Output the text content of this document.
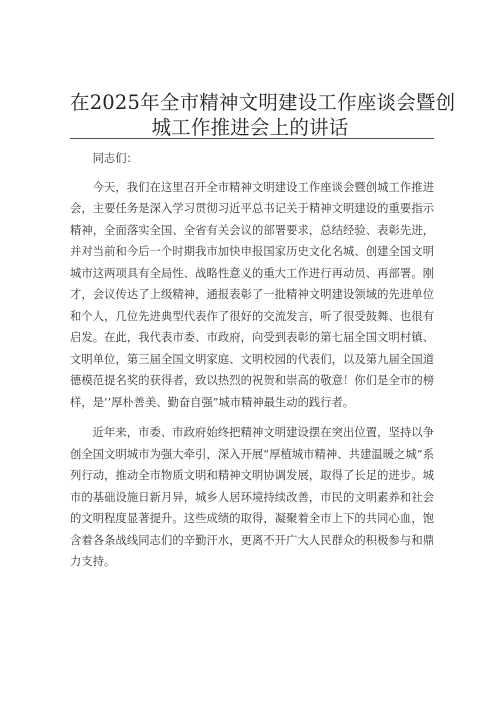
在2025年全市精神文明建设工作座谈会暨创
城工作推进会上的讲话

同志们：

今天，我们在这里召开全市精神文明建设工作座谈会暨创城工作推进会，主要任务是深入学习贯彻习近平总书记关于精神文明建设的重要指示精神，全面落实全国、全省有关会议的部署要求，总结经验、表彰先进，并对当前和今后一个时期我市加快申报国家历史文化名城、创建全国文明城市这两项具有全局性、战略性意义的重大工作进行再动员、再部署。刚才，会议传达了上级精神，通报表彰了一批精神文明建设领域的先进单位和个人，几位先进典型代表作了很好的交流发言，听了很受鼓舞、也很有启发。在此，我代表市委、市政府，向受到表彰的第七届全国文明村镇、文明单位，第三届全国文明家庭、文明校园的代表们，以及第九届全国道德模范提名奖的获得者，致以热烈的祝贺和崇高的敬意！你们是全市的榜样，是’’厚朴善美、勤奋自强”城市精神最生动的践行者。

近年来，市委、市政府始终把精神文明建设摆在突出位置，坚持以争创全国文明城市为强大牵引，深入开展“厚植城市精神、共建温暖之城”系列行动，推动全市物质文明和精神文明协调发展，取得了长足的进步。城市的基础设施日新月异，城乡人居环境持续改善，市民的文明素养和社会的文明程度显著提升。这些成绩的取得，凝聚着全市上下的共同心血，饱含着各条战线同志们的辛勤汗水，更离不开广大人民群众的积极参与和鼎力支持。
